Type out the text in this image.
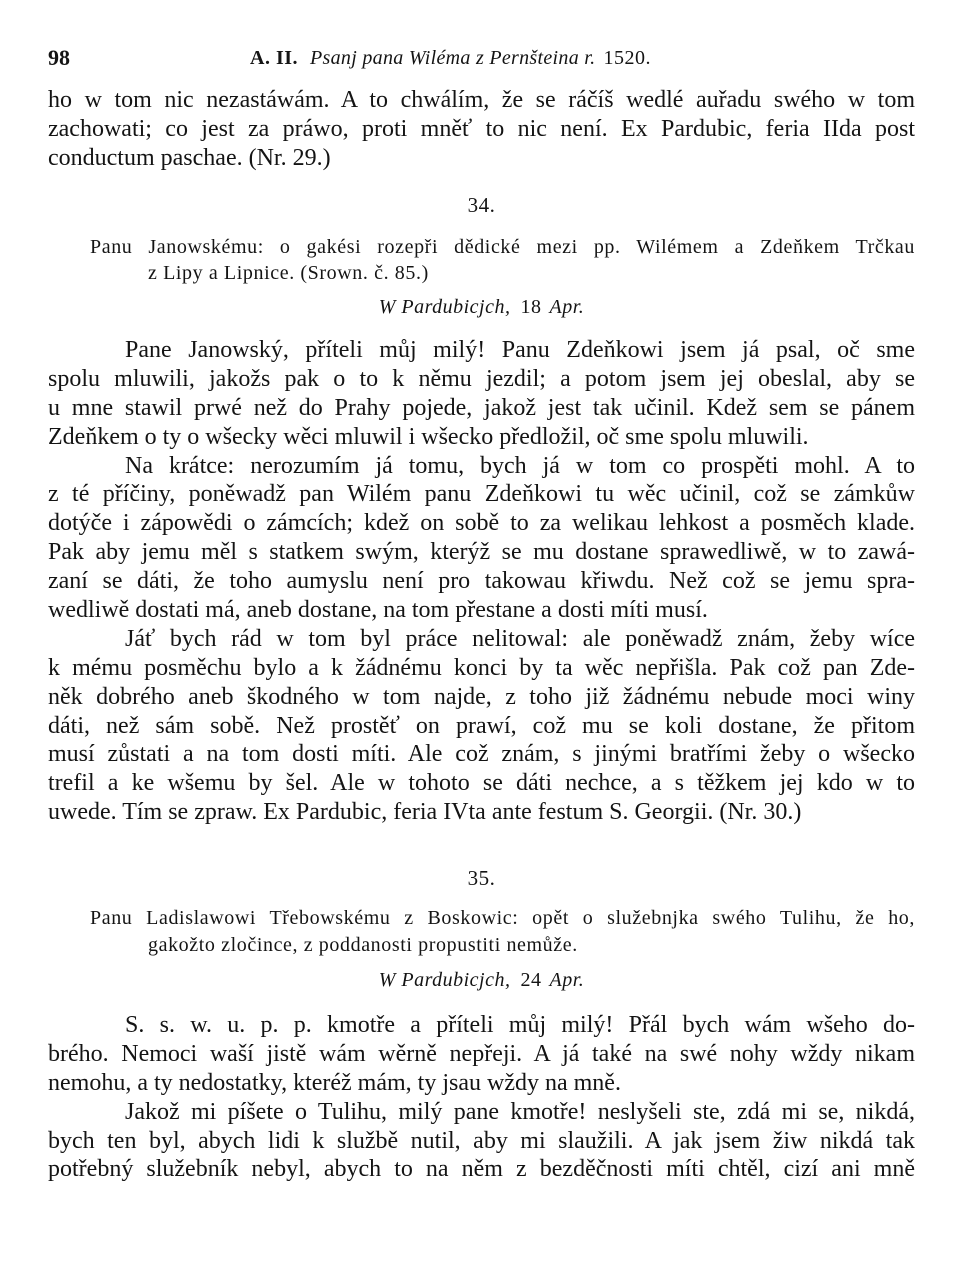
98	A. II. Psanj pana Wiléma z Pernšteina r. 1520.
ho w tom nic nezastáwám. A to chwálím, že se ráčíš wedlé auřadu swého w tom
zachowati; co jest za práwo, proti mněť to nic není. Ex Pardubic, feria IIda post
conductum paschae. (Nr. 29.)
34.
Panu Janowskému: o gakési rozepři dědické mezi pp. Wilémem a Zdeňkem Trčkau
z Lipy a Lipnice. (Srown. č. 85.)
W Pardubicjch, 18 Apr.
Pane Janowský, příteli můj milý! Panu Zdeňkowi jsem já psal, oč sme
spolu mluwili, jakožs pak o to k němu jezdil; a potom jsem jej obeslal, aby se
u mne stawil prwé než do Prahy pojede, jakož jest tak učinil. Kdež sem se pánem
Zdeňkem o ty o wšecky wěci mluwil i wšecko předložil, oč sme spolu mluwili.
Na krátce: nerozumím já tomu, bych já w tom co prospěti mohl. A to
z té příčiny, poněwadž pan Wilém panu Zdeňkowi tu wěc učinil, což se zámkůw
dotýče i zápowědi o zámcích; kdež on sobě to za welikau lehkost a posměch klade.
Pak aby jemu měl s statkem swým, kterýž se mu dostane sprawedliwě, w to zawá-
zaní se dáti, že toho aumyslu není pro takowau křiwdu. Než což se jemu spra-
wedliwě dostati má, aneb dostane, na tom přestane a dosti míti musí.
Jáť bych rád w tom byl práce nelitowal: ale poněwadž znám, žeby wíce
k mému posměchu bylo a k žádnému konci by ta wěc nepřišla. Pak což pan Zde-
něk dobrého aneb škodného w tom najde, z toho již žádnému nebude moci winy
dáti, než sám sobě. Než prostěť on prawí, což mu se koli dostane, že přitom
musí zůstati a na tom dosti míti. Ale což znám, s jinými bratřími žeby o wšecko
trefil a ke wšemu by šel. Ale w tohoto se dáti nechce, a s těžkem jej kdo w to
uwede. Tím se zpraw. Ex Pardubic, feria IVta ante festum S. Georgii. (Nr. 30.)
35.
Panu Ladislawowi Třebowskému z Boskowic: opět o služebnjka swého Tulihu, že ho,
gakožto zločince, z poddanosti propustiti nemůže.
W Pardubicjch, 24 Apr.
S. s. w. u. p. p. kmotře a příteli můj milý! Přál bych wám wšeho do-
brého. Nemoci waší jistě wám wěrně nepřeji. A já také na swé nohy wždy nikam
nemohu, a ty nedostatky, kteréž mám, ty jsau wždy na mně.
Jakož mi píšete o Tulihu, milý pane kmotře! neslyšeli ste, zdá mi se, nikdá,
bych ten byl, abych lidi k službě nutil, aby mi slaužili. A jak jsem žiw nikdá tak
potřebný služebník nebyl, abych to na něm z bezděčnosti míti chtěl, cizí ani mně
